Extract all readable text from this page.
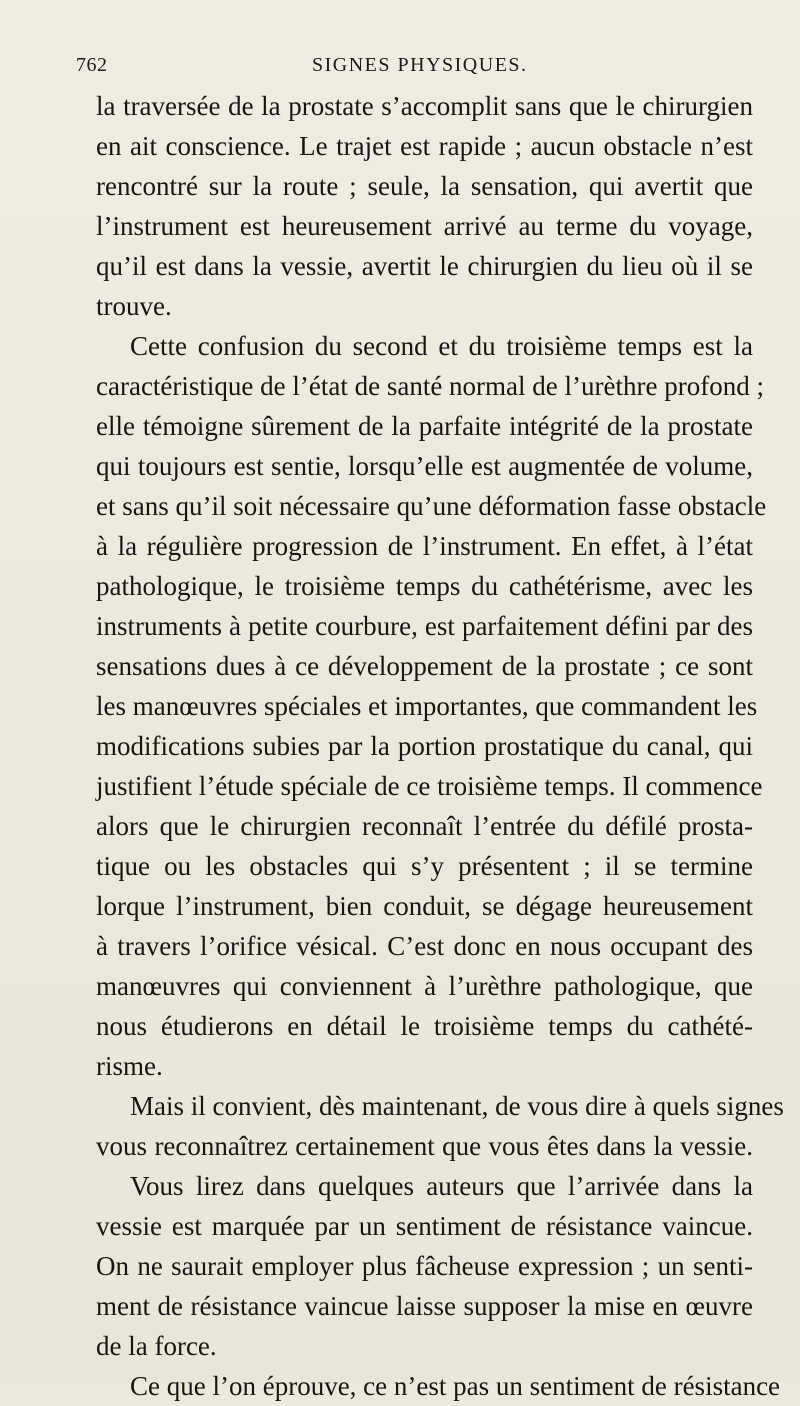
762	SIGNES PHYSIQUES.
la traversée de la prostate s’accomplit sans que le chirurgien
en ait conscience. Le trajet est rapide ; aucun obstacle n’est
rencontré sur la route ; seule, la sensation, qui avertit que
l’instrument est heureusement arrivé au terme du voyage,
qu’il est dans la vessie, avertit le chirurgien du lieu où il se
trouve.
Cette confusion du second et du troisième temps est la
caractéristique de l’état de santé normal de l’urèthre profond ;
elle témoigne sûrement de la parfaite intégrité de la prostate
qui toujours est sentie, lorsqu’elle est augmentée de volume,
et sans qu’il soit nécessaire qu’une déformation fasse obstacle
à la régulière progression de l’instrument. En effet, à l’état
pathologique, le troisième temps du cathétérisme, avec les
instruments à petite courbure, est parfaitement défini par des
sensations dues à ce développement de la prostate ; ce sont
les manœuvres spéciales et importantes, que commandent les
modifications subies par la portion prostatique du canal, qui
justifient l’étude spéciale de ce troisième temps. Il commence
alors que le chirurgien reconnaît l’entrée du défilé prosta-
tique ou les obstacles qui s’y présentent ; il se termine
lorque l’instrument, bien conduit, se dégage heureusement
à travers l’orifice vésical. C’est donc en nous occupant des
manœuvres qui conviennent à l’urèthre pathologique, que
nous étudierons en détail le troisième temps du cathété-
risme.
Mais il convient, dès maintenant, de vous dire à quels signes
vous reconnaîtrez certainement que vous êtes dans la vessie.
Vous lirez dans quelques auteurs que l’arrivée dans la
vessie est marquée par un sentiment de résistance vaincue.
On ne saurait employer plus fâcheuse expression ; un senti-
ment de résistance vaincue laisse supposer la mise en œuvre
de la force.
Ce que l’on éprouve, ce n’est pas un sentiment de résistance
